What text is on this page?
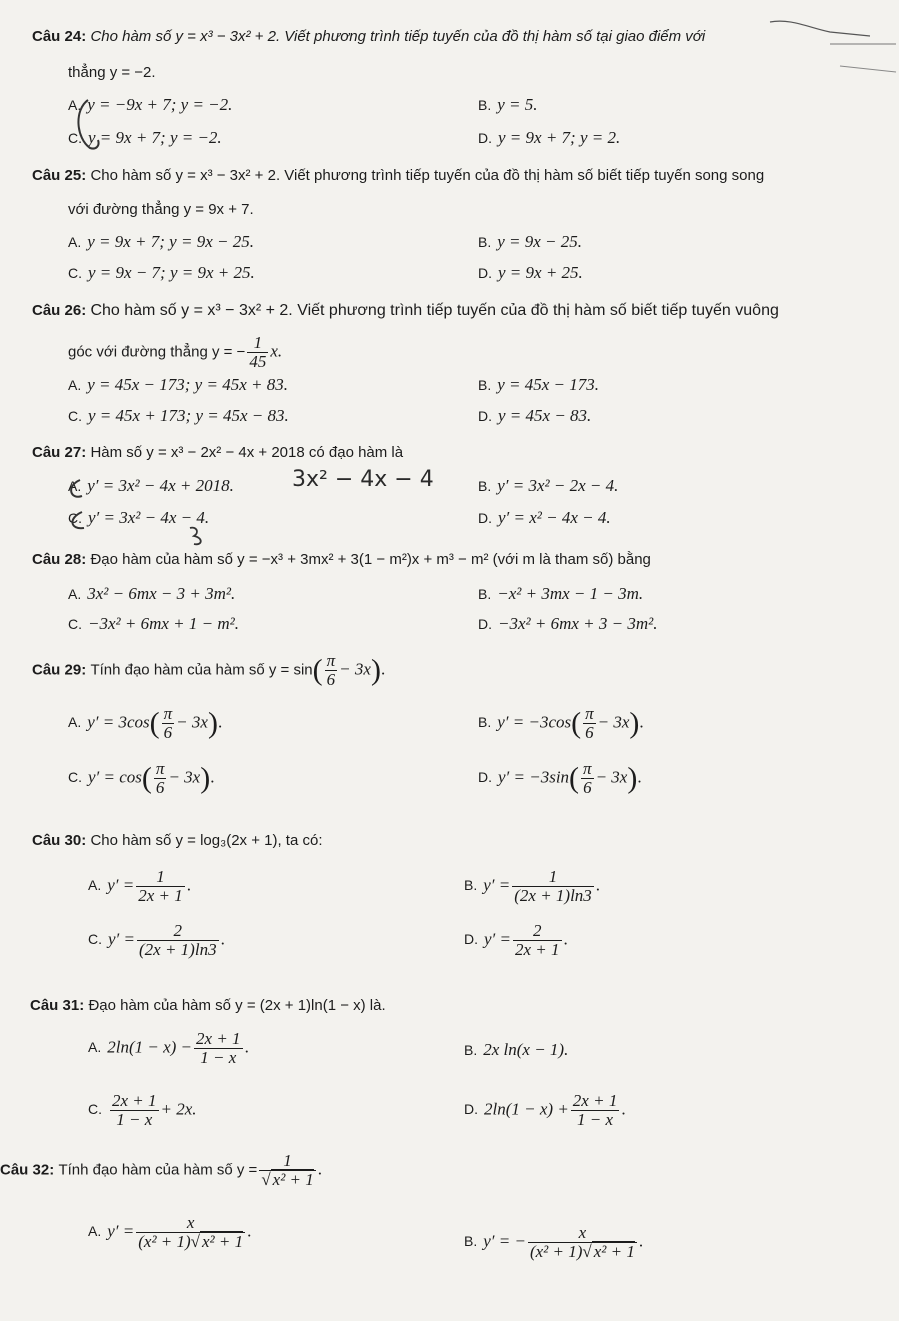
Câu 24: Cho hàm số y = x³ − 3x² + 2. Viết phương trình tiếp tuyến của đồ thị hàm số tại giao điểm với
thẳng y = −2.
A. y = −9x + 7; y = −2.	B. y = 5.
C. y = 9x + 7; y = −2.	D. y = 9x + 7; y = 2.
Câu 25: Cho hàm số y = x³ − 3x² + 2. Viết phương trình tiếp tuyến của đồ thị hàm số biết tiếp tuyến song song
với đường thẳng y = 9x + 7.
A. y = 9x + 7; y = 9x − 25.	B. y = 9x − 25.
C. y = 9x − 7; y = 9x + 25.	D. y = 9x + 25.
Câu 26: Cho hàm số y = x³ − 3x² + 2. Viết phương trình tiếp tuyến của đồ thị hàm số biết tiếp tuyến vuông
góc với đường thẳng y = − $\frac{1}{45} x$.
A. y = 45x − 173; y = 45x + 83.	B. y = 45x − 173.
C. y = 45x + 173; y = 45x − 83.	D. y = 45x − 83.
Câu 27: Hàm số y = x³ − 2x² − 4x + 2018 có đạo hàm là
A. y′ = 3x² − 4x + 2018.	3x² − 4x − 4	B. y′ = 3x² − 2x − 4.
C. y′ = 3x² − 4x − 4.	D. y′ = x² − 4x − 4.
Câu 28: Đạo hàm của hàm số y = −x³ + 3mx² + 3(1 − m²)x + m³ − m² (với m là tham số) bằng
A. 3x² − 6mx − 3 + 3m².	B. −x² + 3mx − 1 − 3m.
C. −3x² + 6mx + 1 − m².	D. −3x² + 6mx + 3 − 3m².
Câu 29: Tính đạo hàm của hàm số $y = \sin( \frac{\pi}{6} - 3x)$.
A. $y' = 3\cos( \frac{\pi}{6} - 3x)$.	B. $y' = -3\cos( \frac{\pi}{6} - 3x)$.
C. $y' = \cos( \frac{\pi}{6} - 3x)$.	D. $y' = -3\sin( \frac{\pi}{6} - 3x)$.
Câu 30: Cho hàm số y = log₃(2x + 1), ta có:
A. $y' = \frac{1}{2x + 1}$ .	B. $y' = \frac{1}{(2x + 1)\ln 3}$ .
C. $y' = \frac{2}{(2x + 1)\ln 3}$ .	D. $y' = \frac{2}{2x + 1}$ .
Câu 31: Đạo hàm của hàm số y = (2x + 1)ln(1 − x) là.
A. $2\ln(1 - x) - \frac{2x + 1}{1 - x}$ .	B. 2x ln(x − 1).
C. $\frac{2x + 1}{1 - x} + 2x$.	D. $2\ln(1 - x) + \frac{2x + 1}{1 - x}$ .
Câu 32: Tính đạo hàm của hàm số $y = \frac{1}{\text{√ x² + 1}}$ .
A. $y' = \frac{x}{\text{(x² + 1)√ x² + 1}}$ .
B. y′ = − $\frac{x}{\text{(x² + 1)√ x² + 1}}$ .
